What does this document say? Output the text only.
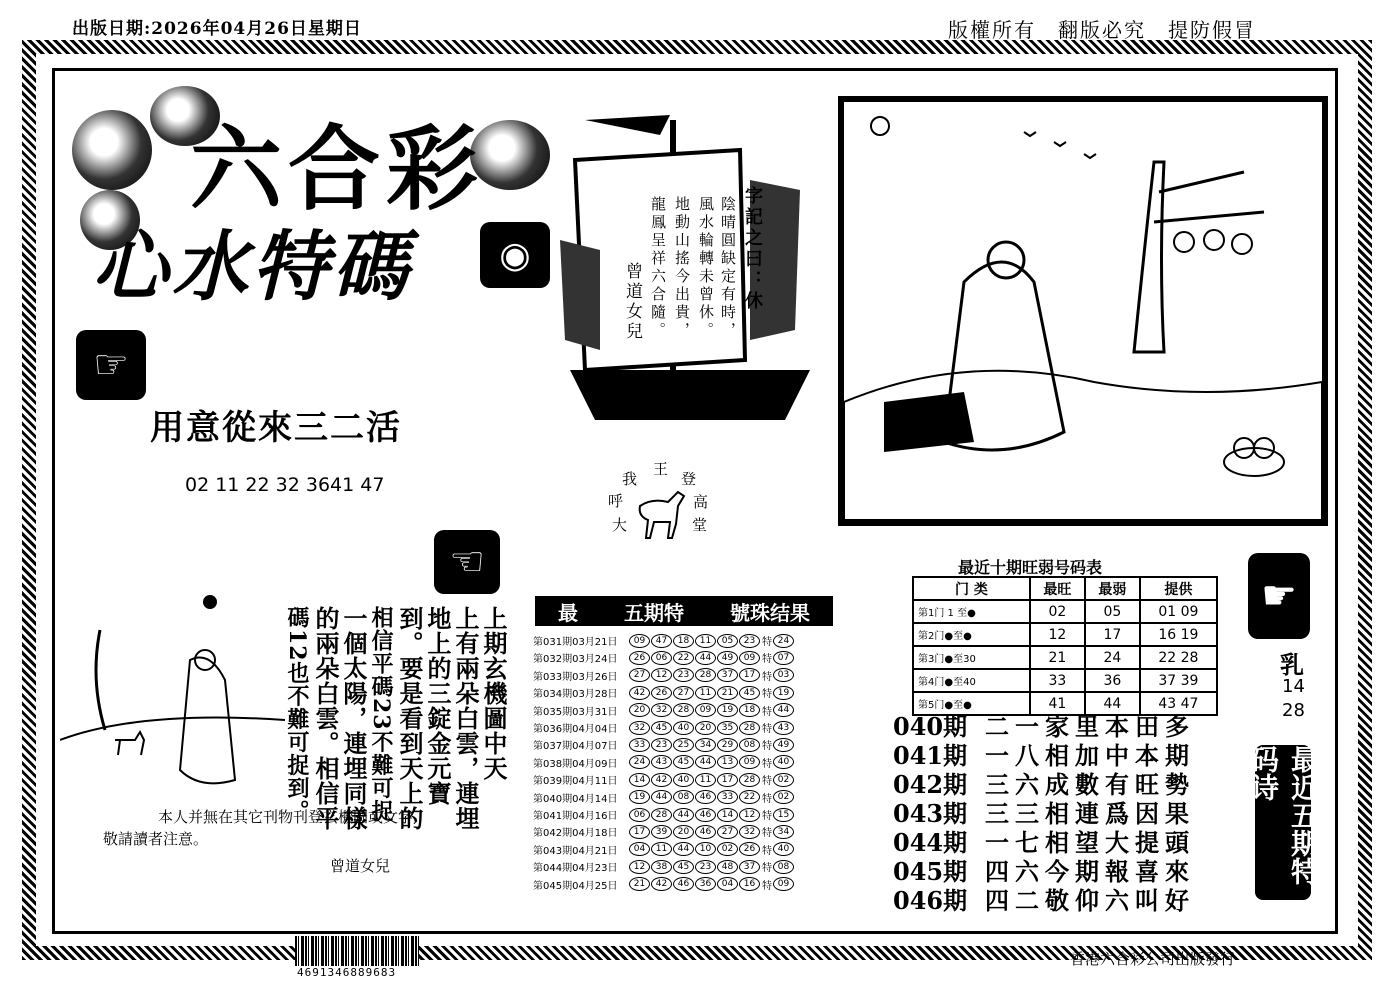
出版日期:2026年04月26日星期日	版權所有　翻版必究　提防假冒
六合彩
心水特碼	◉
☞
用意從來三二活
02 11 22 32 3641 47
字記之曰：休
陰晴圓缺定有時，
風水輪轉未曾休。
地動山搖今出貴，
龍鳳呈祥六合隨。
曾道女兒
我
王
登
呼	高
大	堂
☜
上期玄機圖中天
上有兩朵白雲，連埋
地上的三錠金元寶
到。要是看到天上的
相信平碼23不難可捉
一個太陽，連埋同樣
的兩朵白雲。相信平
碼12也不難可捉到。
本人并無在其它刊物刊登玄機圖或文字,
敬請讀者注意。
曾道女兒
最 五期特 號珠结果
第031期03月21日	09	47	18	11	05	23 特 24
第032期03月24日	26	06	22	44	49	09 特 07
第033期03月26日	27	12	23	28	37	17 特 03
第034期03月28日	42	26	27	11	21	45 特 19
第035期03月31日	20	32	28	09	19	18 特 44
第036期04月04日	32	45	40	20	35	28 特 43
第037期04月07日	33	23	25	34	29	08 特 49
第038期04月09日	24	43	45	44	13	09 特 40
第039期04月11日	14	42	40	11	17	28 特 02
第040期04月14日	19	44	08	46	33	22 特 02
第041期04月16日	06	28	44	46	14	12 特 15
第042期04月18日	17	39	20	46	27	32 特 34
第043期04月21日	04	11	44	10	02	26 特 40
第044期04月23日	12	38	45	23	48	37 特 08
第045期04月25日	21	42	46	36	04	16 特 09
最近十期旺弱号码表
门 类	最旺	最弱	提供
第1门 1 至●	02	05	01 09
第2门●至●	12	17	16 19
第3门●至30	21	24	22 28
第4门●至40	33	36	37 39
第5门●至●	41	44	43 47
☛
乳
14
28
最近五期特码诗
040期 二一家里本田多
041期 一八相加中本期
042期 三六成數有旺勢
043期 三三相連爲因果
044期 一七相望大提頭
045期 四六今期報喜來
046期 四二敬仰六叫好
4691346889683
香港六合彩公司出版發行
